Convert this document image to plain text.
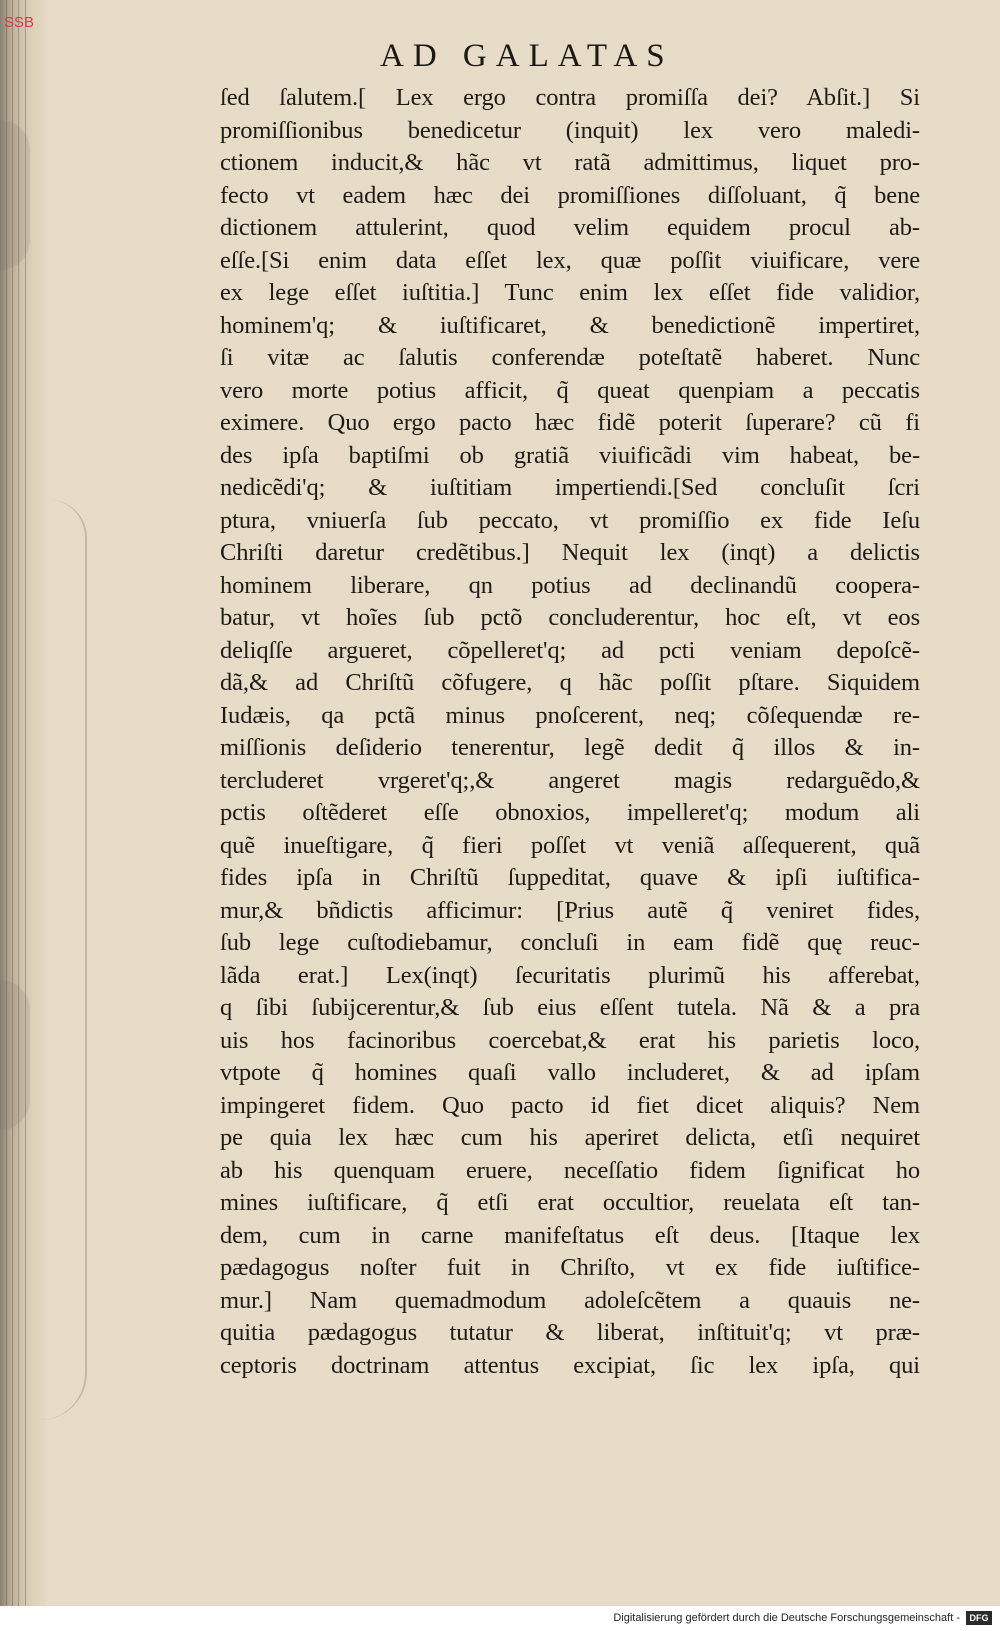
SSB
AD GALATAS
ſed ſalutem.[ Lex ergo contra promiſſa dei? Abſit.] Si
promiſſionibus benedicetur (inquit) lex vero maledi-
ctionem inducit,& hãc vt ratã admittimus, liquet pro-
fecto vt eadem hæc dei promiſſiones diſſoluant, q̃ bene
dictionem attulerint, quod velim equidem procul ab-
eſſe.[Si enim data eſſet lex, quæ poſſit viuificare, vere
ex lege eſſet iuſtitia.] Tunc enim lex eſſet fide validior,
hominem'q; & iuſtificaret, & benedictionẽ impertiret,
ſi vitæ ac ſalutis conferendæ poteſtatẽ haberet. Nunc
vero morte potius afficit, q̃ queat quenpiam a peccatis
eximere. Quo ergo pacto hæc fidẽ poterit ſuperare? cũ fi
des ipſa baptiſmi ob gratiã viuificãdi vim habeat, be-
nedicẽdi'q; & iuſtitiam impertiendi.[Sed concluſit ſcri
ptura, vniuerſa ſub peccato, vt promiſſio ex fide Ieſu
Chriſti daretur credẽtibus.] Nequit lex (inqt) a delictis
hominem liberare, qn potius ad declinandũ coopera-
batur, vt hoĩes ſub pctõ concluderentur, hoc eſt, vt eos
deliqſſe argueret, cõpelleret'q; ad pcti veniam depoſcẽ-
dã,& ad Chriſtũ cõfugere, q hãc poſſit pſtare. Siquidem
Iudæis, qa pctã minus pnoſcerent, neq; cõſequendæ re-
miſſionis deſiderio tenerentur, legẽ dedit q̃ illos & in-
tercluderet vrgeret'q;,& angeret magis redarguẽdo,&
pctis oſtẽderet eſſe obnoxios, impelleret'q; modum ali
quẽ inueſtigare, q̃ fieri poſſet vt veniã aſſequerent, quã
fides ipſa in Chriſtũ ſuppeditat, quave & ipſi iuſtifica-
mur,& bñdictis afficimur: [Prius autẽ q̃ veniret fides,
ſub lege cuſtodiebamur, concluſi in eam fidẽ quę reuc-
lãda erat.] Lex(inqt) ſecuritatis plurimũ his afferebat,
q ſibi ſubijcerentur,& ſub eius eſſent tutela. Nã & a pra
uis hos facinoribus coercebat,& erat his parietis loco,
vtpote q̃ homines quaſi vallo includeret, & ad ipſam
impingeret fidem. Quo pacto id fiet dicet aliquis? Nem
pe quia lex hæc cum his aperiret delicta, etſi nequiret
ab his quenquam eruere, neceſſatio fidem ſignificat ho
mines iuſtificare, q̃ etſi erat occultior, reuelata eſt tan-
dem, cum in carne manifeſtatus eſt deus. [Itaque lex
pædagogus noſter fuit in Chriſto, vt ex fide iuſtifice-
mur.] Nam quemadmodum adoleſcẽtem a quauis ne-
quitia pædagogus tutatur & liberat, inſtituit'q; vt præ-
ceptoris doctrinam attentus excipiat, ſic lex ipſa, qui
Digitalisierung gefördert durch die Deutsche Forschungsgemeinschaft -	DFG
